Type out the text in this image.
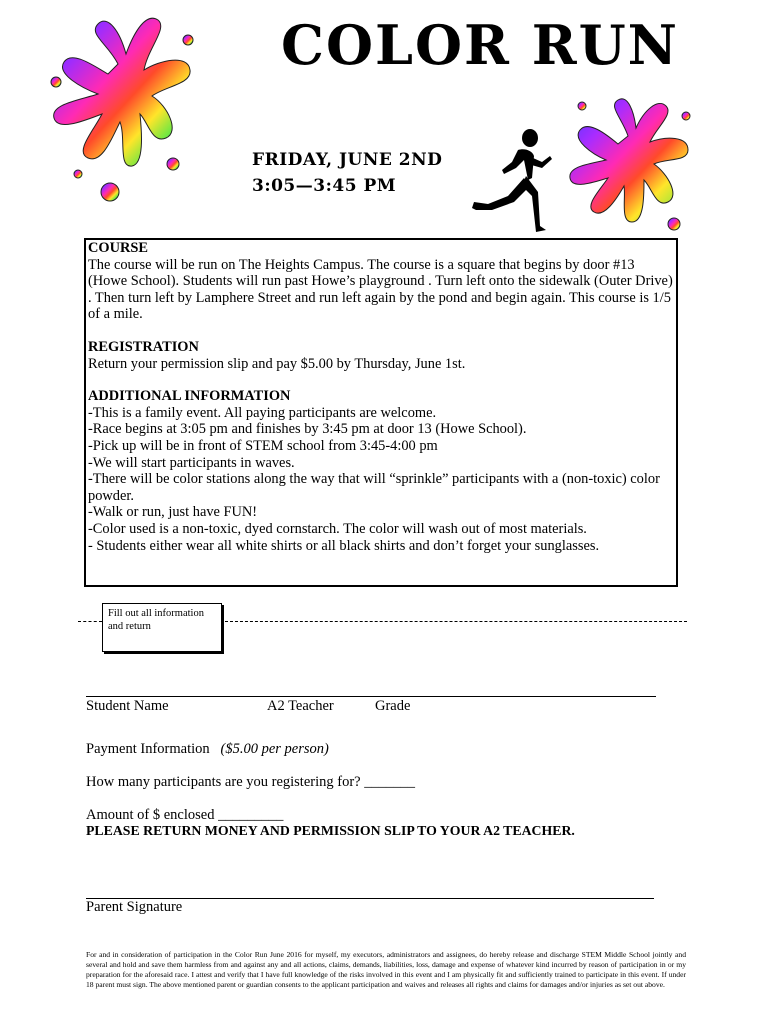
COLOR RUN
FRIDAY, JUNE 2ND
3:05—3:45 PM

COURSE

The course will be run on The Heights Campus. The course is a square that begins by door #13 (Howe School). Students will run past Howe’s playground . Turn left onto the sidewalk (Outer Drive) . Then turn left by Lamphere Street and run left again by the pond and begin again. This course is 1/5 of a mile.

REGISTRATION

Return your permission slip and pay $5.00 by Thursday, June 1st.

ADDITIONAL INFORMATION

-This is a family event. All paying participants are welcome.

-Race begins at 3:05 pm and finishes by 3:45 pm at door 13 (Howe School).

-Pick up will be in front of STEM school from 3:45-4:00 pm

-We will start participants in waves.

-There will be color stations along the way that will “sprinkle” participants with a (non-toxic) color powder.

-Walk or run, just have FUN!

-Color used is a non-toxic, dyed cornstarch. The color will wash out of most materials.

- Students either wear all white shirts or all black shirts and don’t forget your sunglasses.

Fill out all information and return
Student Name	A2 Teacher	Grade
Payment Information ($5.00 per person)
How many participants are you registering for? _______
Amount of $ enclosed _________
PLEASE RETURN MONEY AND PERMISSION SLIP TO YOUR A2 TEACHER.
Parent Signature
For and in consideration of participation in the Color Run June 2016 for myself, my executors, administrators and assignees, do hereby release and discharge STEM Middle School jointly and several and hold and save them harmless from and against any and all actions, claims, demands, liabilities, loss, damage and expense of whatever kind incurred by reason of participation in or my preparation for the aforesaid race. I attest and verify that I have full knowledge of the risks involved in this event and I am physically fit and sufficiently trained to participate in this event. If under 18 parent must sign. The above mentioned parent or guardian consents to the applicant participation and waives and releases all rights and claims for damages and/or injuries as set out above.
